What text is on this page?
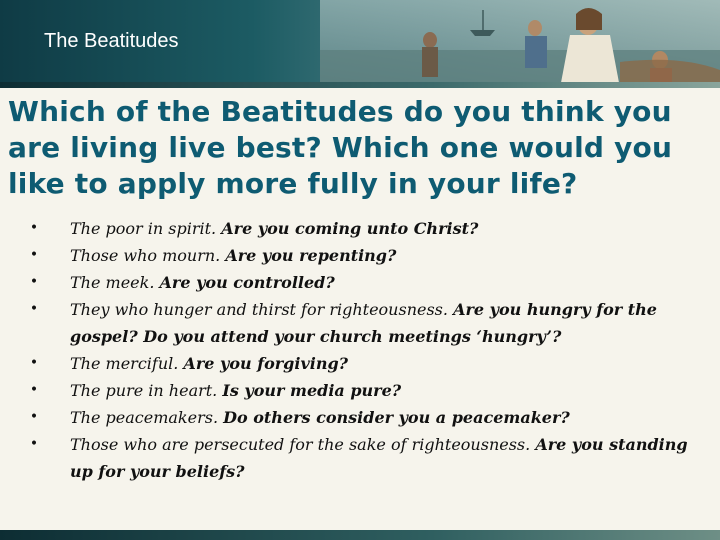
The Beatitudes
Which of the Beatitudes do you think you are living live best? Which one would you like to apply more fully in your life?
• The poor in spirit. Are you coming unto Christ?
• Those who mourn. Are you repenting?
• The meek. Are you controlled?
• They who hunger and thirst for righteousness. Are you hungry for the gospel? Do you attend your church meetings ‘hungry’?
• The merciful. Are you forgiving?
• The pure in heart. Is your media pure?
• The peacemakers. Do others consider you a peacemaker?
• Those who are persecuted for the sake of righteousness. Are you standing up for your beliefs?
